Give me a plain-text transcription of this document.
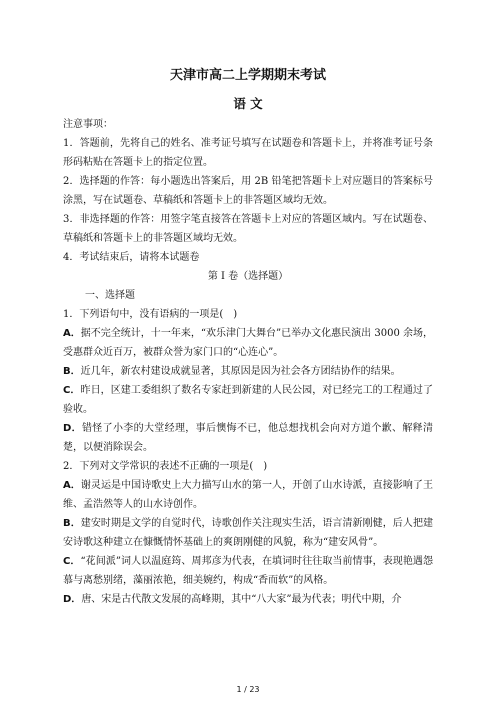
天津市高二上学期期末考试
语 文

注意事项：

1．答题前，先将自己的姓名、准考证号填写在试题卷和答题卡上，并将准考证号条形码粘贴在答题卡上的指定位置。

2．选择题的作答：每小题选出答案后，用 2B 铅笔把答题卡上对应题目的答案标号涂黑，写在试题卷、草稿纸和答题卡上的非答题区域均无效。

3．非选择题的作答：用签字笔直接答在答题卡上对应的答题区域内。写在试题卷、草稿纸和答题卡上的非答题区域均无效。

4．考试结束后，请将本试题卷

第 I 卷（选择题）

一、选择题

1．下列语句中，没有语病的一项是(　)

A．据不完全统计，十一年来，“欢乐津门大舞台”已举办文化惠民演出 3000 余场，受惠群众近百万，被群众誉为家门口的“心连心”。

B．近几年，新农村建设成就显著，其原因是因为社会各方团结协作的结果。

C．昨日，区建工委组织了数名专家赶到新建的人民公园，对已经完工的工程通过了验收。

D．错怪了小李的大堂经理，事后懊悔不已，他总想找机会向对方道个歉、解释清楚，以便消除误会。

2．下列对文学常识的表述不正确的一项是(　)

A．谢灵运是中国诗歌史上大力描写山水的第一人，开创了山水诗派，直接影响了王维、孟浩然等人的山水诗创作。

B．建安时期是文学的自觉时代，诗歌创作关注现实生活，语言清新刚健，后人把建安诗歌这种建立在慷慨情怀基础上的爽朗刚健的风貌，称为“建安风骨”。

C．“花间派”词人以温庭筠、周邦彦为代表，在填词时往往取当前情事，表现艳遇怨慕与离愁别绪，藻丽浓艳，细美婉约，构成“香而软”的风格。

D．唐、宋是古代散文发展的高峰期，其中“八大家”最为代表；明代中期，介

1 / 23
